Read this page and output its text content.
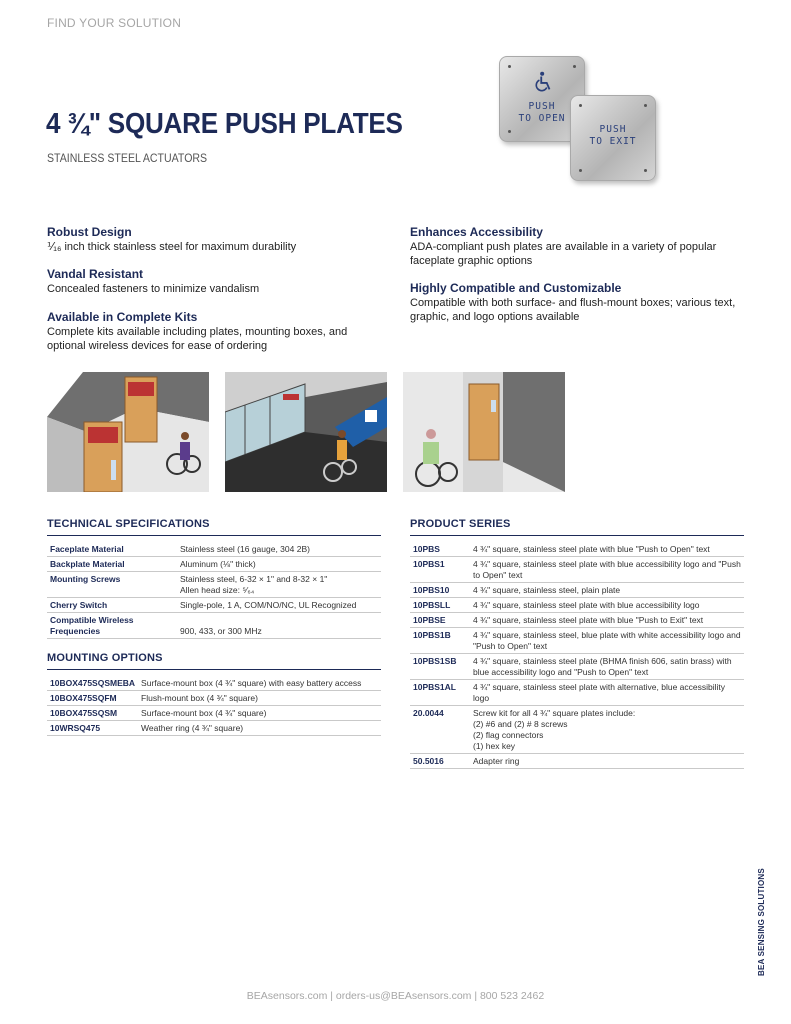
FIND YOUR SOLUTION
4 ¾" SQUARE PUSH PLATES
STAINLESS STEEL ACTUATORS
PUSH
TO OPEN
PUSH
TO EXIT
Robust Design

⅟₁₆ inch thick stainless steel for maximum durability

Vandal Resistant

Concealed fasteners to minimize vandalism

Available in Complete Kits

Complete kits available including plates, mounting boxes, and optional wireless devices for ease of ordering

Enhances Accessibility

ADA-compliant push plates are available in a variety of popular faceplate graphic options

Highly Compatible and Customizable

Compatible with both surface- and flush-mount boxes; various text, graphic, and logo options available

TECHNICAL SPECIFICATIONS
Faceplate Material	Stainless steel (16 gauge, 304 2B)
Backplate Material	Aluminum (⅛" thick)
Mounting Screws	Stainless steel, 6-32 × 1" and 8-32 × 1"
Allen head size: ⁵⁄₆₄
Cherry Switch	Single-pole, 1 A, COM/NO/NC, UL Recognized
Compatible Wireless Frequencies	900, 433, or 300 MHz
MOUNTING OPTIONS
10BOX475SQSMEBA	Surface-mount box (4 ¾" square) with easy battery access
10BOX475SQFM	Flush-mount box (4 ¾" square)
10BOX475SQSM	Surface-mount box (4 ¾" square)
10WRSQ475	Weather ring (4 ¾" square)
PRODUCT SERIES
10PBS	4 ¾" square, stainless steel plate with blue "Push to Open" text
10PBS1	4 ¾" square, stainless steel plate with blue accessibility logo and "Push to Open" text
10PBS10	4 ¾" square, stainless steel, plain plate
10PBSLL	4 ¾" square, stainless steel plate with blue accessibility logo
10PBSE	4 ¾" square, stainless steel plate with blue "Push to Exit" text
10PBS1B	4 ¾" square, stainless steel, blue plate with white accessibility logo and "Push to Open" text
10PBS1SB	4 ¾" square, stainless steel plate (BHMA finish 606, satin brass) with blue accessibility logo and "Push to Open" text
10PBS1AL	4 ¾" square, stainless steel plate with alternative, blue accessibility logo
20.0044	Screw kit for all 4 ¾" square plates include:
(2) #6 and (2) # 8 screws
(2) flag connectors
(1) hex key
50.5016	Adapter ring
BEA SENSING SOLUTIONS
BEAsensors.com | orders-us@BEAsensors.com | 800 523 2462
